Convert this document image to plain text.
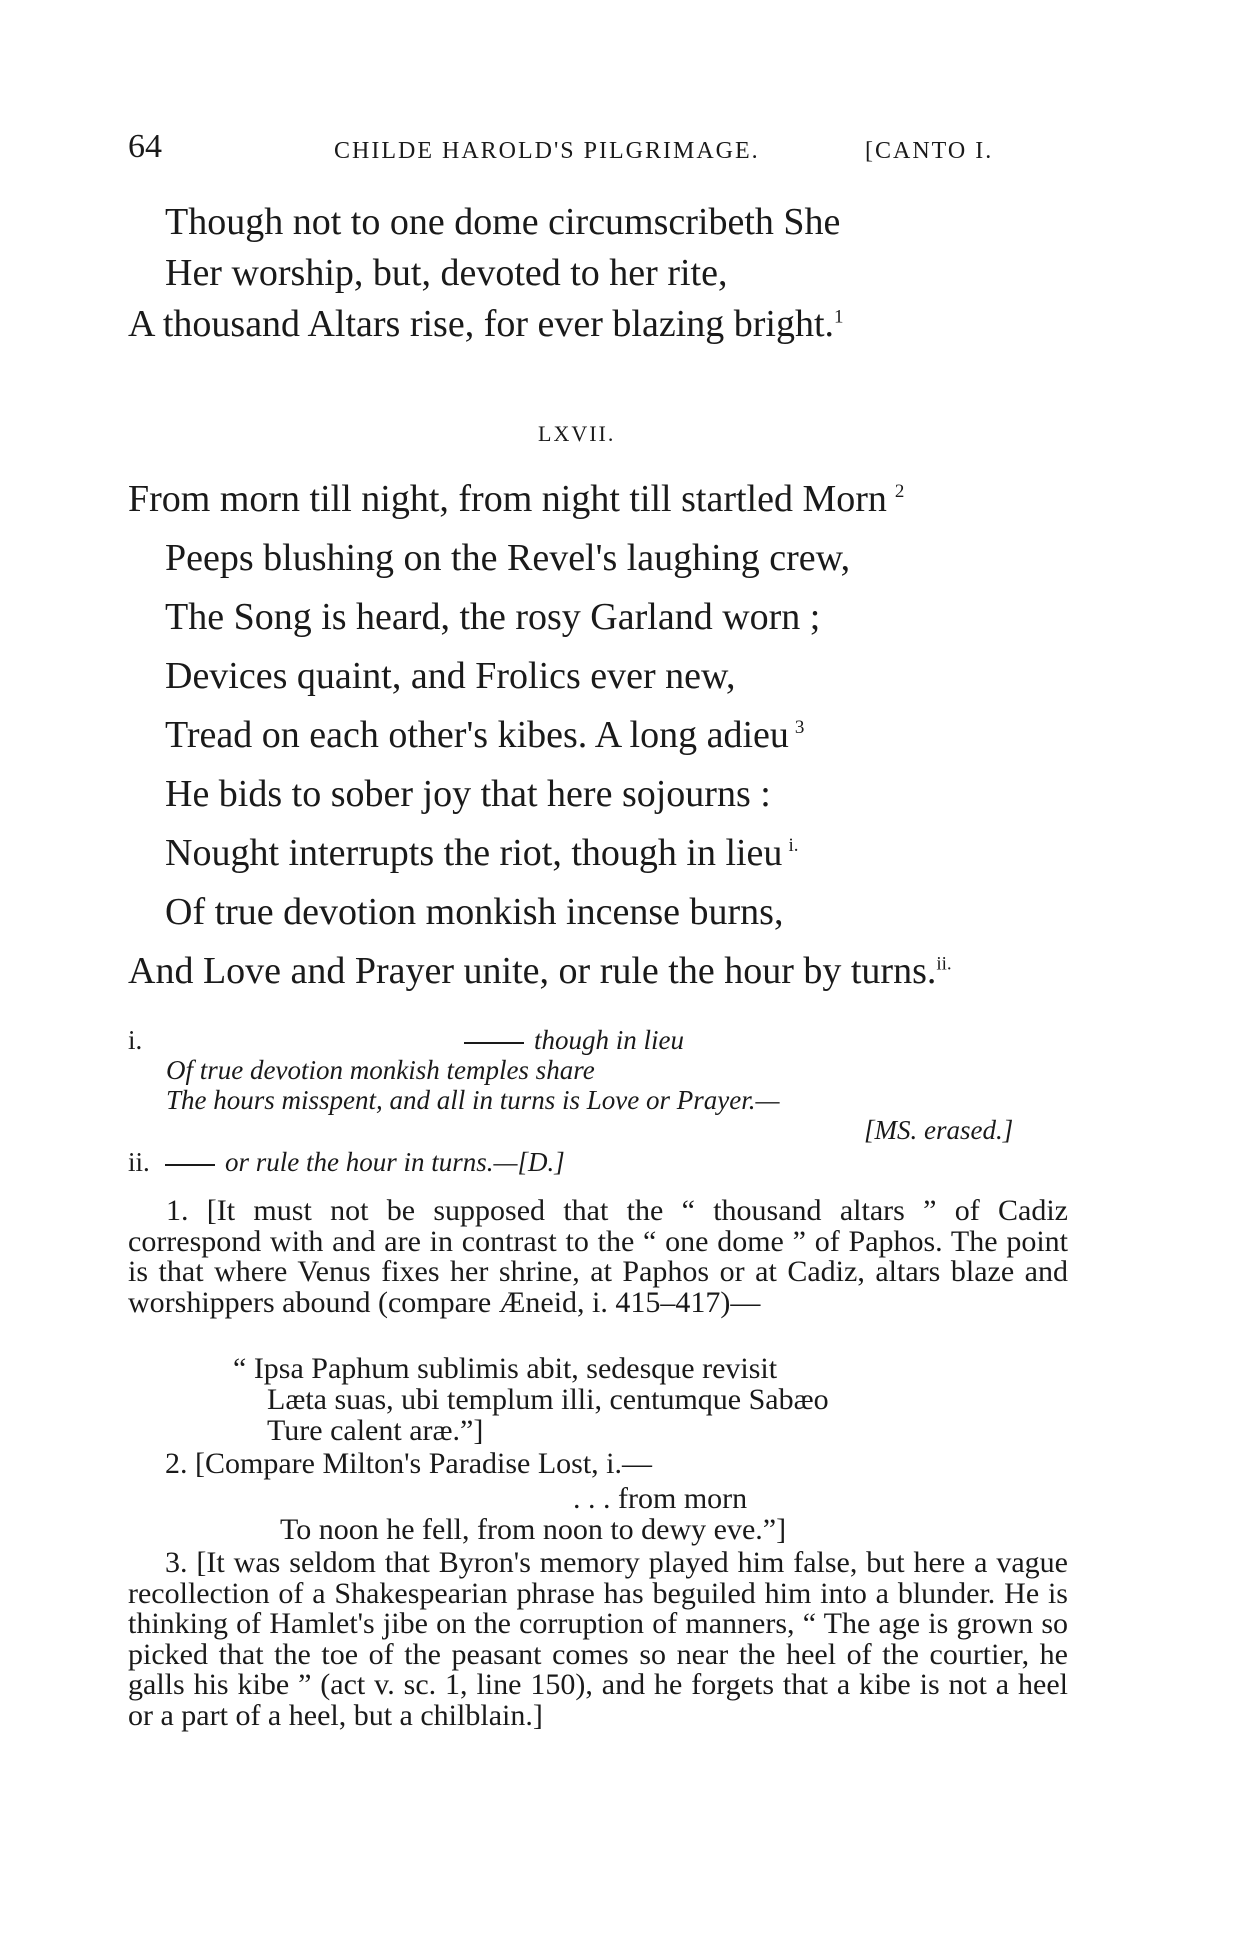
64	CHILDE HAROLD'S PILGRIMAGE.	[CANTO I.
Though not to one dome circumscribeth She
Her worship, but, devoted to her rite,
A thousand Altars rise, for ever blazing bright.$^1$
LXVII.
From morn till night, from night till startled Morn $^2$
Peeps blushing on the Revel's laughing crew,
The Song is heard, the rosy Garland worn ;
Devices quaint, and Frolics ever new,
Tread on each other's kibes. A long adieu $^3$
He bids to sober joy that here sojourns :
Nought interrupts the riot, though in lieu $^{i.}$
Of true devotion monkish incense burns,
And Love and Prayer unite, or rule the hour by turns.$^{ii.}$
i.	though in lieu
Of true devotion monkish temples share
The hours misspent, and all in turns is Love or Prayer.—
[MS. erased.]
ii.	or rule the hour in turns.—[D.]
1. [It must not be supposed that the “ thousand altars ” of Cadiz correspond with and are in contrast to the “ one dome ” of Paphos. The point is that where Venus fixes her shrine, at Paphos or at Cadiz, altars blaze and worshippers abound (compare Æneid, i. 415–417)—
“ Ipsa Paphum sublimis abit, sedesque revisit
Læta suas, ubi templum illi, centumque Sabæo
Ture calent aræ.”]
2. [Compare Milton's Paradise Lost, i.—
. . . from morn
To noon he fell, from noon to dewy eve.”]
3. [It was seldom that Byron's memory played him false, but here a vague recollection of a Shakespearian phrase has beguiled him into a blunder. He is thinking of Hamlet's jibe on the corruption of manners, “ The age is grown so picked that the toe of the peasant comes so near the heel of the courtier, he galls his kibe ” (act v. sc. 1, line 150), and he forgets that a kibe is not a heel or a part of a heel, but a chilblain.]
